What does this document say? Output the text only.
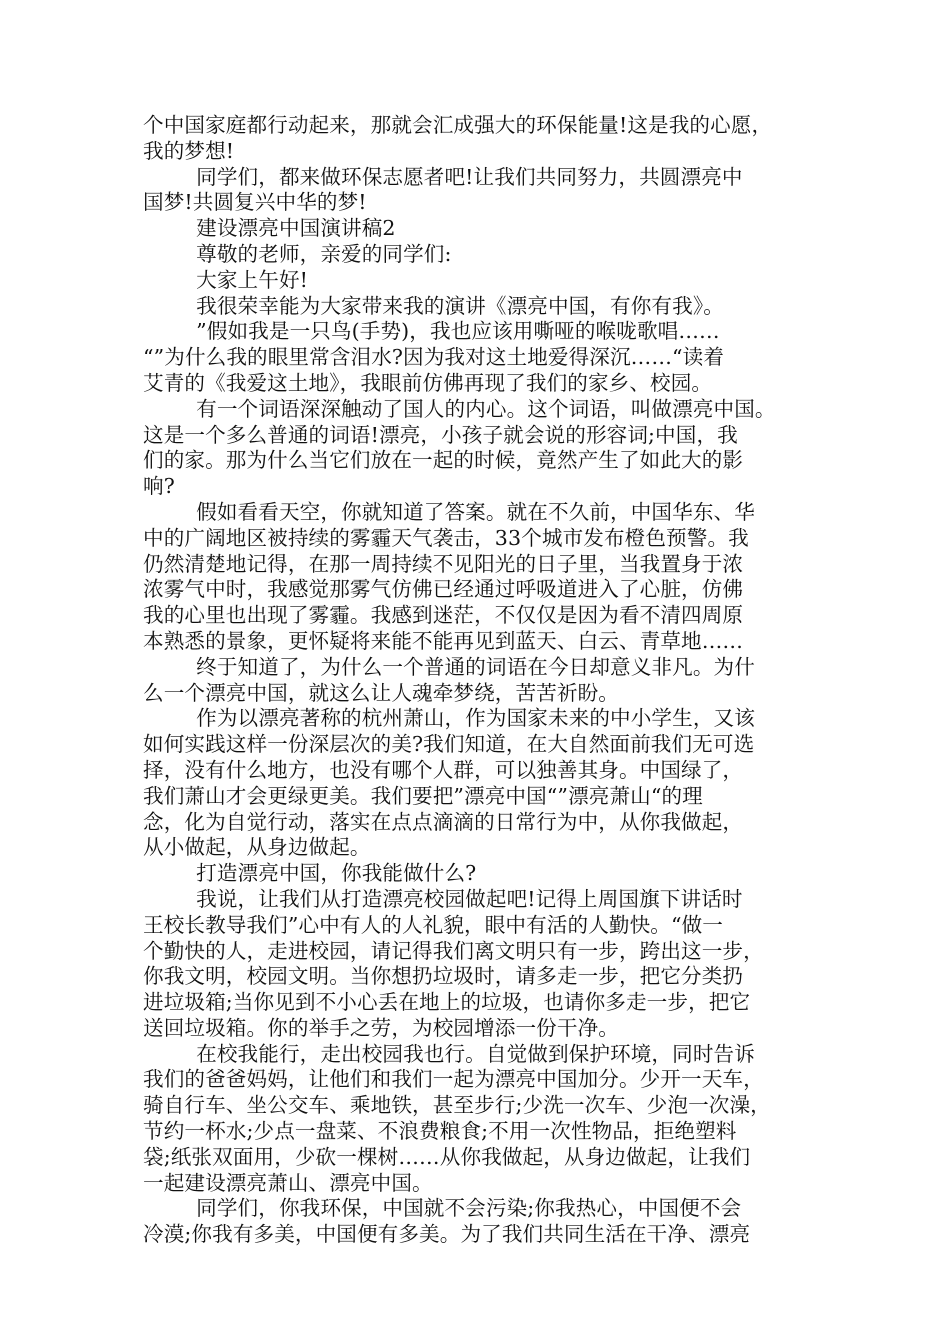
个中国家庭都行动起来，那就会汇成强大的环保能量!这是我的心愿，

我的梦想!

同学们，都来做环保志愿者吧!让我们共同努力，共圆漂亮中

国梦!共圆复兴中华的梦!

建设漂亮中国演讲稿2

尊敬的老师，亲爱的同学们:

大家上午好!

我很荣幸能为大家带来我的演讲《漂亮中国，有你有我》。

”假如我是一只鸟(手势)，我也应该用嘶哑的喉咙歌唱……

“”为什么我的眼里常含泪水?因为我对这土地爱得深沉……“读着

艾青的《我爱这土地》，我眼前仿佛再现了我们的家乡、校园。

有一个词语深深触动了国人的内心。这个词语，叫做漂亮中国。

这是一个多么普通的词语!漂亮，小孩子就会说的形容词;中国，我

们的家。那为什么当它们放在一起的时候，竟然产生了如此大的影

响?

假如看看天空，你就知道了答案。就在不久前，中国华东、华

中的广阔地区被持续的雾霾天气袭击，33个城市发布橙色预警。我

仍然清楚地记得，在那一周持续不见阳光的日子里，当我置身于浓

浓雾气中时，我感觉那雾气仿佛已经通过呼吸道进入了心脏，仿佛

我的心里也出现了雾霾。我感到迷茫，不仅仅是因为看不清四周原

本熟悉的景象，更怀疑将来能不能再见到蓝天、白云、青草地……

终于知道了，为什么一个普通的词语在今日却意义非凡。为什

么一个漂亮中国，就这么让人魂牵梦绕，苦苦祈盼。

作为以漂亮著称的杭州萧山，作为国家未来的中小学生，又该

如何实践这样一份深层次的美?我们知道，在大自然面前我们无可选

择，没有什么地方，也没有哪个人群，可以独善其身。中国绿了，

我们萧山才会更绿更美。我们要把”漂亮中国“”漂亮萧山“的理

念，化为自觉行动，落实在点点滴滴的日常行为中，从你我做起，

从小做起，从身边做起。

打造漂亮中国，你我能做什么?

我说，让我们从打造漂亮校园做起吧!记得上周国旗下讲话时

王校长教导我们”心中有人的人礼貌，眼中有活的人勤快。“做一

个勤快的人，走进校园，请记得我们离文明只有一步，跨出这一步，

你我文明，校园文明。当你想扔垃圾时，请多走一步，把它分类扔

进垃圾箱;当你见到不小心丢在地上的垃圾，也请你多走一步，把它

送回垃圾箱。你的举手之劳，为校园增添一份干净。

在校我能行，走出校园我也行。自觉做到保护环境，同时告诉

我们的爸爸妈妈，让他们和我们一起为漂亮中国加分。少开一天车，

骑自行车、坐公交车、乘地铁，甚至步行;少洗一次车、少泡一次澡，

节约一杯水;少点一盘菜、不浪费粮食;不用一次性物品，拒绝塑料

袋;纸张双面用，少砍一棵树……从你我做起，从身边做起，让我们

一起建设漂亮萧山、漂亮中国。

同学们，你我环保，中国就不会污染;你我热心，中国便不会

冷漠;你我有多美，中国便有多美。为了我们共同生活在干净、漂亮
